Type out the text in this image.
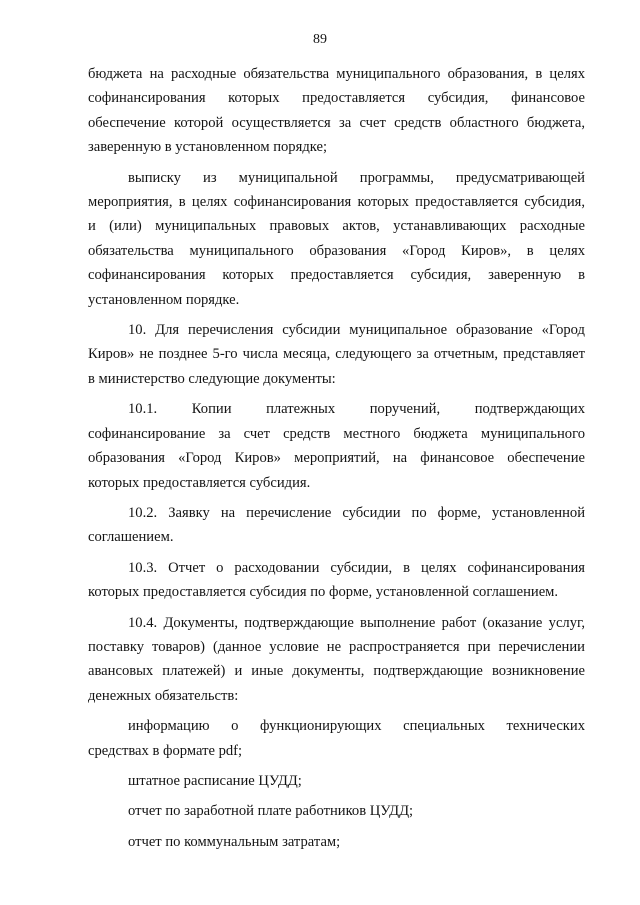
89

бюджета на расходные обязательства муниципального образования, в целях

софинансирования которых предоставляется субсидия, финансовое

обеспечение которой осуществляется за счет средств областного бюджета,

заверенную в установленном порядке;

выписку из муниципальной программы, предусматривающей

мероприятия, в целях софинансирования которых предоставляется субсидия,

и (или) муниципальных правовых актов, устанавливающих расходные

обязательства муниципального образования «Город Киров», в целях

софинансирования которых предоставляется субсидия, заверенную в

установленном порядке.

10. Для перечисления субсидии муниципальное образование «Город

Киров» не позднее 5-го числа месяца, следующего за отчетным, представляет

в министерство следующие документы:

10.1. Копии платежных поручений, подтверждающих

софинансирование за счет средств местного бюджета муниципального

образования «Город Киров» мероприятий, на финансовое обеспечение

которых предоставляется субсидия.

10.2. Заявку на перечисление субсидии по форме, установленной

соглашением.

10.3. Отчет о расходовании субсидии, в целях софинансирования

которых предоставляется субсидия по форме, установленной соглашением.

10.4. Документы, подтверждающие выполнение работ (оказание услуг,

поставку товаров) (данное условие не распространяется при перечислении

авансовых платежей) и иные документы, подтверждающие возникновение

денежных обязательств:

информацию о функционирующих специальных технических

средствах в формате pdf;

штатное расписание ЦУДД;

отчет по заработной плате работников ЦУДД;

отчет по коммунальным затратам;
